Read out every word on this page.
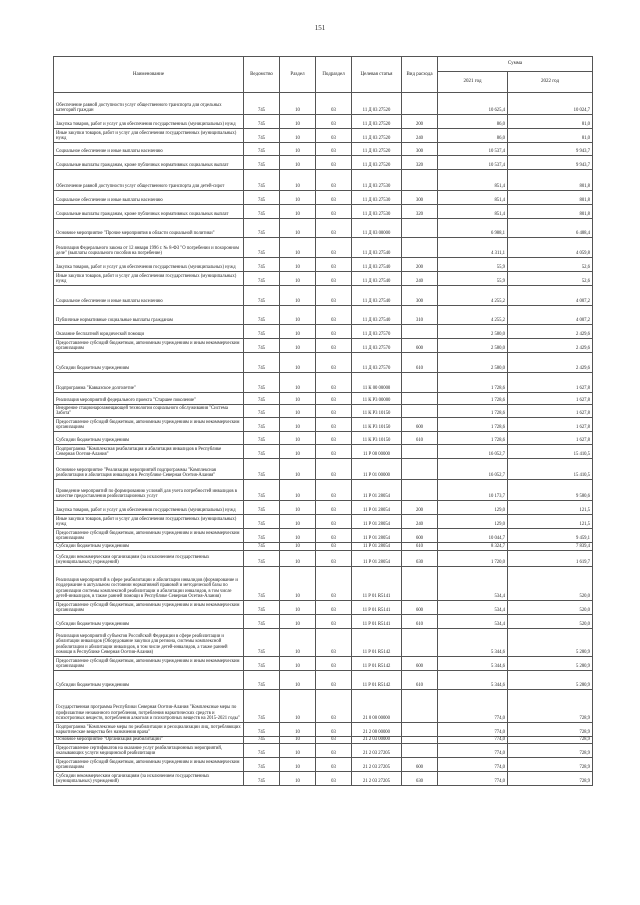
151
Наименование	Ведомство	Раздел	Подраздел	Целевая статья	Вид расхода	Сумма	
						2021 год	2022 год
Обеспечение равной доступности услуг общественного транспорта для отдельных категорий граждан	745	10	03	11 Д 03 27520		10 625,4	10 024,7
Закупка товаров, работ и услуг для обеспечения государственных (муниципальных) нужд	745	10	03	11 Д 03 27520	200	86,0	81,0
Иные закупки товаров, работ и услуг для обеспечения государственных (муниципальных) нужд	745	10	03	11 Д 03 27520	240	86,0	81,0
Социальное обеспечение и иные выплаты населению	745	10	03	11 Д 03 27520	300	10 537,4	9 943,7
Социальные выплаты гражданам, кроме публичных нормативных социальных выплат	745	10	03	11 Д 03 27520	320	10 537,4	9 943,7
Обеспечение равной доступности услуг общественного транспорта для детей-сирот	745	10	03	11 Д 03 27530		851,4	801,8
Социальное обеспечение и иные выплаты населению	745	10	03	11 Д 03 27530	300	851,4	801,8
Социальные выплаты гражданам, кроме публичных нормативных социальных выплат	745	10	03	11 Д 03 27530	320	851,4	801,8
Основное мероприятие "Прочие мероприятия в области социальной политики"	745	10	03	11 Д 03 00000		6 988,1	6 488,4
Реализация Федерального закона от 12 января 1996 г. № 8-ФЗ "О погребении и похоронном деле" (выплаты социального пособия на погребение)	745	10	03	11 Д 03 27540		4 311,1	4 059,8
Закупка товаров, работ и услуг для обеспечения государственных (муниципальных) нужд	745	10	03	11 Д 03 27540	200	55,9	52,6
Иные закупки товаров, работ и услуг для обеспечения государственных (муниципальных) нужд	745	10	03	11 Д 03 27540	240	55,9	52,6
Социальное обеспечение и иные выплаты населению	745	10	03	11 Д 03 27540	300	4 255,2	4 007,2
Публичные нормативные социальные выплаты гражданам	745	10	03	11 Д 03 27540	310	4 255,2	4 007,2
Оказание бесплатной юридической помощи	745	10	03	11 Д 03 27570		2 580,0	2 429,6
Предоставление субсидий бюджетным, автономным учреждениям и иным некоммерческим организациям	745	10	03	11 Д 03 27570	600	2 580,0	2 429,6
Субсидии бюджетным учреждениям	745	10	03	11 Д 03 27570	610	2 580,0	2 429,6
Подпрограмма "Кавказское долголетие"	745	10	03	11 К 00 00000		1 728,6	1 627,8
Реализация мероприятий федерального проекта "Старшее поколение"	745	10	03	11 К P3 00000		1 728,6	1 627,8
Внедрение стационарозамещающей технологии социального обслуживания "Система Забота"	745	10	03	11 К P3 10150		1 728,6	1 627,8
Предоставление субсидий бюджетным, автономным учреждениям и иным некоммерческим организациям	745	10	03	11 К P3 10150	600	1 728,6	1 627,8
Субсидии бюджетным учреждениям	745	10	03	11 К P3 10150	610	1 728,6	1 627,8
Подпрограмма "Комплексная реабилитация и абилитация инвалидов в Республике Северная Осетия-Алания"	745	10	03	11 Р 00 00000		16 052,7	15 410,5
Основное мероприятие "Реализация мероприятий подпрограммы "Комплексная реабилитация и абилитация инвалидов в Республике Северная Осетия-Алания"	745	10	03	11 Р 01 00000		16 052,7	15 410,5
Проведение мероприятий по формированию условий для учета потребностей инвалидов в качестве предоставления реабилитационных услуг	745	10	03	11 Р 01 28054		10 173,7	9 580,6
Закупка товаров, работ и услуг для обеспечения государственных (муниципальных) нужд	745	10	03	11 Р 01 28054	200	129,0	121,5
Иные закупки товаров, работ и услуг для обеспечения государственных (муниципальных) нужд	745	10	03	11 Р 01 28054	240	129,0	121,5
Предоставление субсидий бюджетным, автономным учреждениям и иным некоммерческим организациям	745	10	03	11 Р 01 28054	600	10 044,7	9 459,1
Субсидии бюджетным учреждениям	745	10	03	11 Р 01 28054	610	8 324,7	7 839,4
Субсидии некоммерческим организациям (за исключением государственных (муниципальных) учреждений)	745	10	03	11 Р 01 28054	630	1 720,0	1 619,7
Реализация мероприятий в сфере реабилитации и абилитации инвалидов (формирование и поддержание в актуальном состоянии нормативной правовой и методической базы по организации системы комплексной реабилитации и абилитации инвалидов, в том числе детей-инвалидов, в также ранней помощи в Республике Северная Осетия-Алания)	745	10	03	11 Р 01 R5141		534,4	520,0
Предоставление субсидий бюджетным, автономным учреждениям и иным некоммерческим организациям	745	10	03	11 Р 01 R5141	600	534,4	520,0
Субсидии бюджетным учреждениям	745	10	03	11 Р 01 R5141	610	534,4	520,0
Реализация мероприятий субъектов Российской Федерации в сфере реабилитации и абилитации инвалидов (Оборудование закупки для региона, системы комплексной реабилитации и абилитации инвалидов, в том числе детей-инвалидов, а также ранней помощи в Республике Северная Осетия-Алания)	745	10	03	11 Р 01 R5142		5 344,6	5 280,9
Предоставление субсидий бюджетным, автономным учреждениям и иным некоммерческим организациям	745	10	03	11 Р 01 R5142	600	5 344,6	5 280,9
Субсидии бюджетным учреждениям	745	10	03	11 Р 01 R5142	610	5 344,6	5 280,9
Государственная программа Республики Северная Осетия-Алания "Комплексные меры по профилактике незаконного потребления, потребления наркотических средств и психотропных веществ, потребления алкоголя и психотропных веществ на 2015-2021 годы"	745	10	03	21 0 00 00000		774,0	728,9
Подпрограмма "Комплексные меры по реабилитации и ресоциализации лиц, потребляющих наркотические вещества без назначения врача"	745	10	03	21 2 00 00000		774,0	728,9
Основное мероприятие "Организация реабилитации"	745	10	03	21 2 03 00000		774,0	728,9
Предоставление сертификатов на оказание услуг реабилитационных мероприятий, оказывающих услуги медицинской реабилитации	745	10	03	21 2 03 27205		774,0	728,9
Предоставление субсидий бюджетным, автономным учреждениям и иным некоммерческим организациям	745	10	03	21 2 03 27205	600	774,0	728,9
Субсидии некоммерческим организациям (за исключением государственных (муниципальных) учреждений)	745	10	03	21 2 03 27205	630	774,0	728,9
